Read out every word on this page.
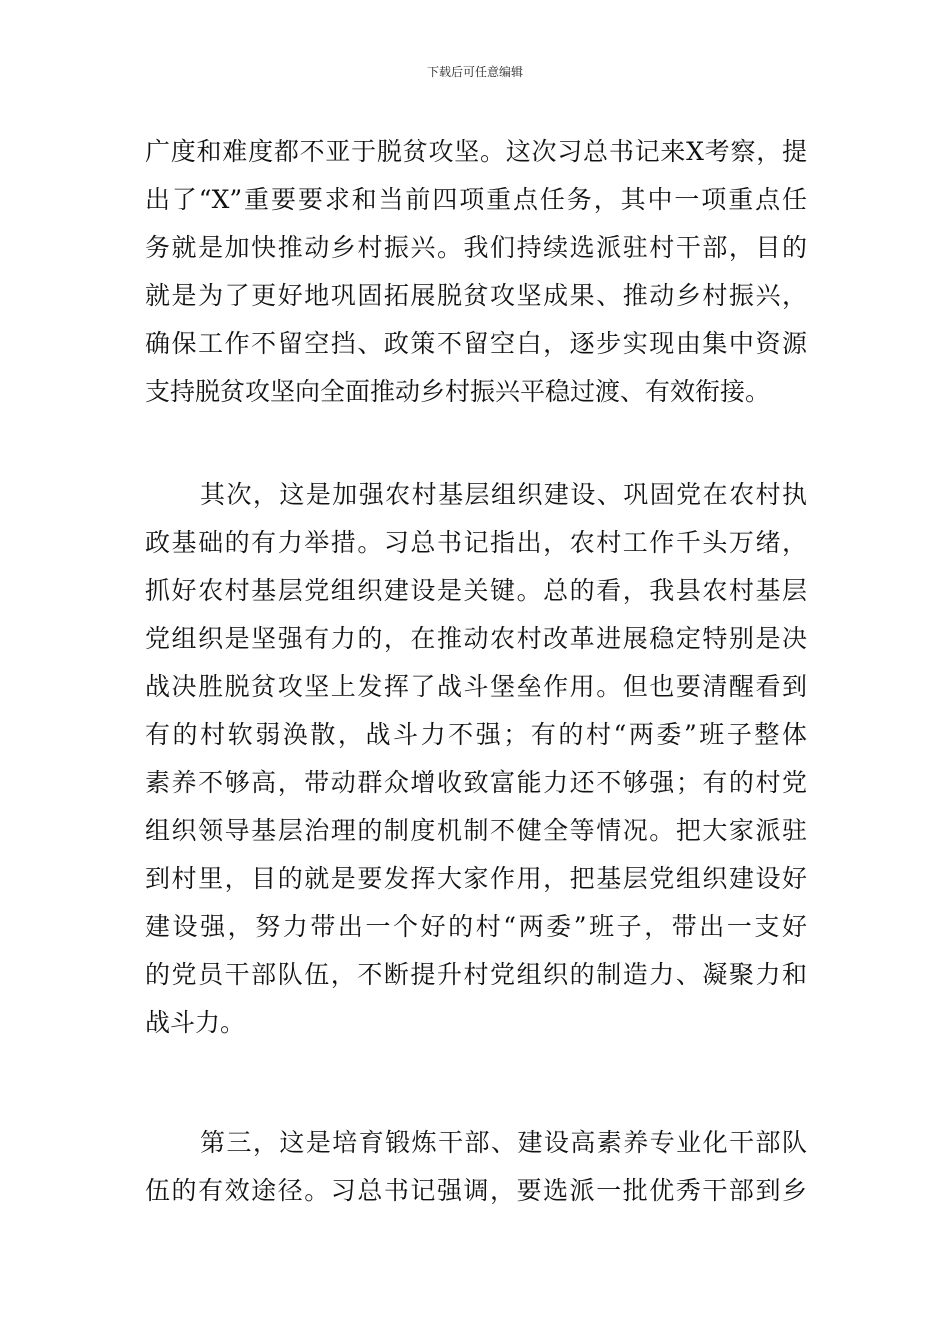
下载后可任意编辑
广度和难度都不亚于脱贫攻坚。这次习总书记来X考察，提
出了“X”重要要求和当前四项重点任务，其中一项重点任
务就是加快推动乡村振兴。我们持续选派驻村干部，目的
就是为了更好地巩固拓展脱贫攻坚成果、推动乡村振兴，
确保工作不留空挡、政策不留空白，逐步实现由集中资源
支持脱贫攻坚向全面推动乡村振兴平稳过渡、有效衔接。
其次，这是加强农村基层组织建设、巩固党在农村执
政基础的有力举措。习总书记指出，农村工作千头万绪，
抓好农村基层党组织建设是关键。总的看，我县农村基层
党组织是坚强有力的，在推动农村改革进展稳定特别是决
战决胜脱贫攻坚上发挥了战斗堡垒作用。但也要清醒看到
有的村软弱涣散，战斗力不强；有的村“两委”班子整体
素养不够高，带动群众增收致富能力还不够强；有的村党
组织领导基层治理的制度机制不健全等情况。把大家派驻
到村里，目的就是要发挥大家作用，把基层党组织建设好
建设强，努力带出一个好的村“两委”班子，带出一支好
的党员干部队伍，不断提升村党组织的制造力、凝聚力和
战斗力。
第三，这是培育锻炼干部、建设高素养专业化干部队
伍的有效途径。习总书记强调，要选派一批优秀干部到乡
